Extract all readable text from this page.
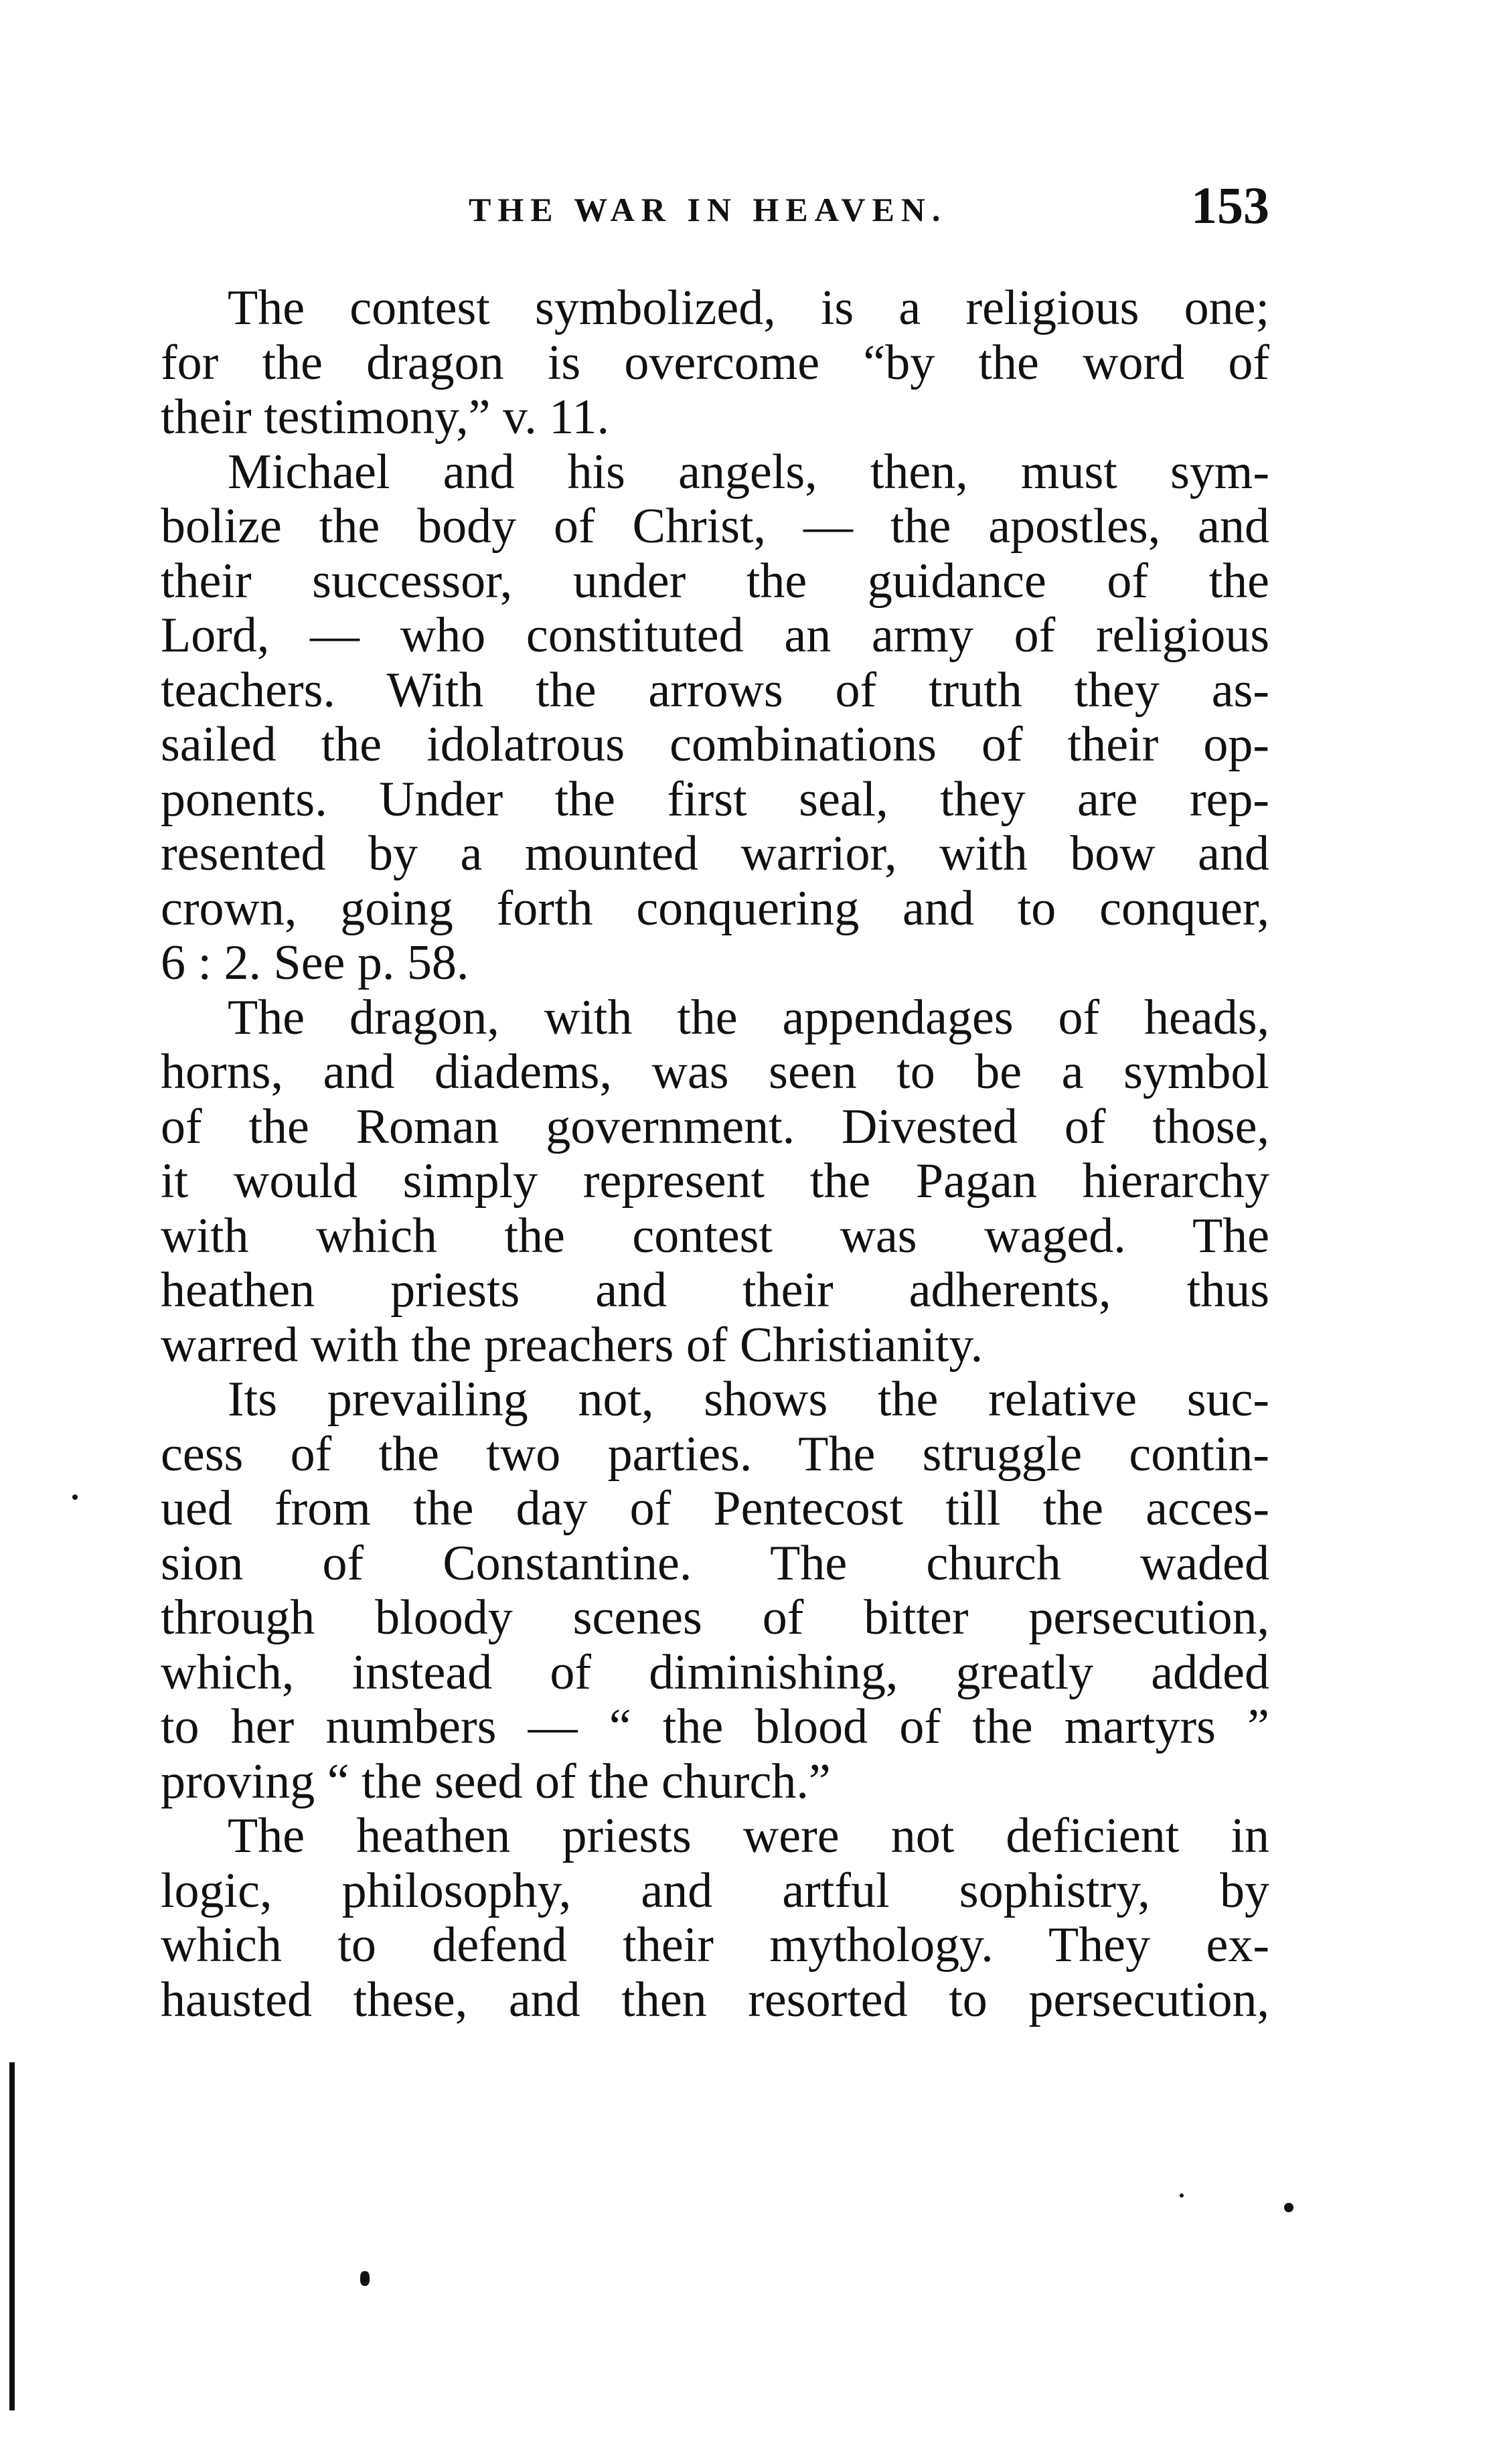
THE WAR IN HEAVEN.	153

The contest symbolized, is a religious one;
for the dragon is overcome “by the word of
their testimony,” v. 11.

Michael and his angels, then, must sym-
bolize the body of Christ, — the apostles, and
their successor, under the guidance of the
Lord, — who constituted an army of religious
teachers. With the arrows of truth they as-
sailed the idolatrous combinations of their op-
ponents. Under the first seal, they are rep-
resented by a mounted warrior, with bow and
crown, going forth conquering and to conquer,
6 : 2. See p. 58.

The dragon, with the appendages of heads,
horns, and diadems, was seen to be a symbol
of the Roman government. Divested of those,
it would simply represent the Pagan hierarchy
with which the contest was waged. The
heathen priests and their adherents, thus
warred with the preachers of Christianity.

Its prevailing not, shows the relative suc-
cess of the two parties. The struggle contin-
ued from the day of Pentecost till the acces-
sion of Constantine. The church waded
through bloody scenes of bitter persecution,
which, instead of diminishing, greatly added
to her numbers — “ the blood of the martyrs ”
proving “ the seed of the church.”

The heathen priests were not deficient in
logic, philosophy, and artful sophistry, by
which to defend their mythology. They ex-
hausted these, and then resorted to persecution,
